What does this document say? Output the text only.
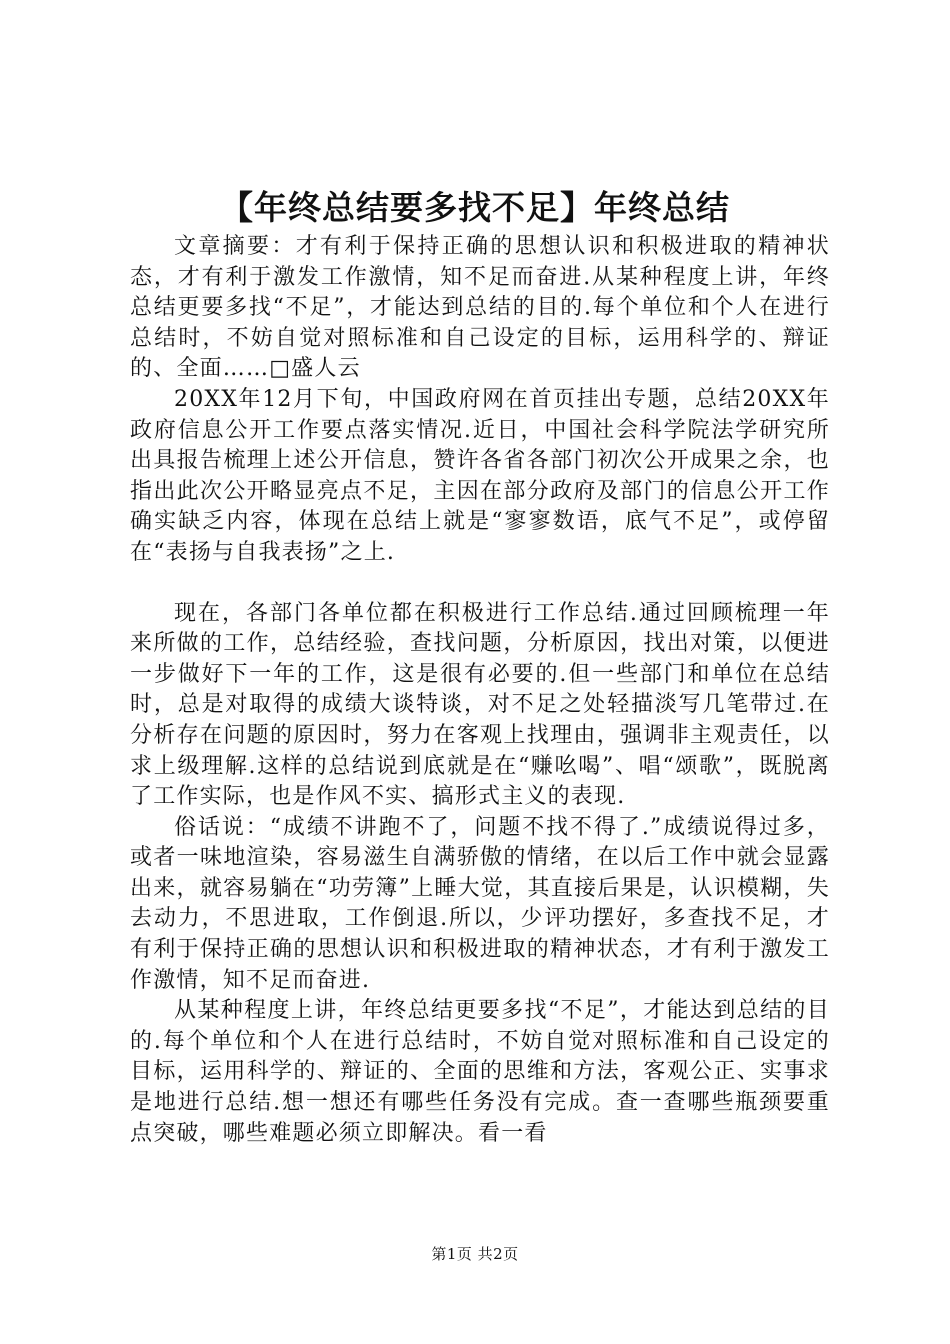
【年终总结要多找不足】年终总结

文章摘要：才有利于保持正确的思想认识和积极进取的精神状态，才有利于激发工作激情，知不足而奋进.从某种程度上讲，年终总结更要多找“不足”，才能达到总结的目的.每个单位和个人在进行总结时，不妨自觉对照标准和自己设定的目标，运用科学的、辩证的、全面……□盛人云

20XX年12月下旬，中国政府网在首页挂出专题，总结20XX年政府信息公开工作要点落实情况.近日，中国社会科学院法学研究所出具报告梳理上述公开信息，赞许各省各部门初次公开成果之余，也指出此次公开略显亮点不足，主因在部分政府及部门的信息公开工作确实缺乏内容，体现在总结上就是“寥寥数语，底气不足”，或停留在“表扬与自我表扬”之上.

现在，各部门各单位都在积极进行工作总结.通过回顾梳理一年来所做的工作，总结经验，查找问题，分析原因，找出对策，以便进一步做好下一年的工作，这是很有必要的.但一些部门和单位在总结时，总是对取得的成绩大谈特谈，对不足之处轻描淡写几笔带过.在分析存在问题的原因时，努力在客观上找理由，强调非主观责任，以求上级理解.这样的总结说到底就是在“赚吆喝”、唱“颂歌”，既脱离了工作实际，也是作风不实、搞形式主义的表现.

俗话说：“成绩不讲跑不了，问题不找不得了.”成绩说得过多，或者一味地渲染，容易滋生自满骄傲的情绪，在以后工作中就会显露出来，就容易躺在“功劳簿”上睡大觉，其直接后果是，认识模糊，失去动力，不思进取，工作倒退.所以，少评功摆好，多查找不足，才有利于保持正确的思想认识和积极进取的精神状态，才有利于激发工作激情，知不足而奋进.

从某种程度上讲，年终总结更要多找“不足”，才能达到总结的目的.每个单位和个人在进行总结时，不妨自觉对照标准和自己设定的目标，运用科学的、辩证的、全面的思维和方法，客观公正、实事求是地进行总结.想一想还有哪些任务没有完成。查一查哪些瓶颈要重点突破，哪些难题必须立即解决。看一看

第1页 共2页
